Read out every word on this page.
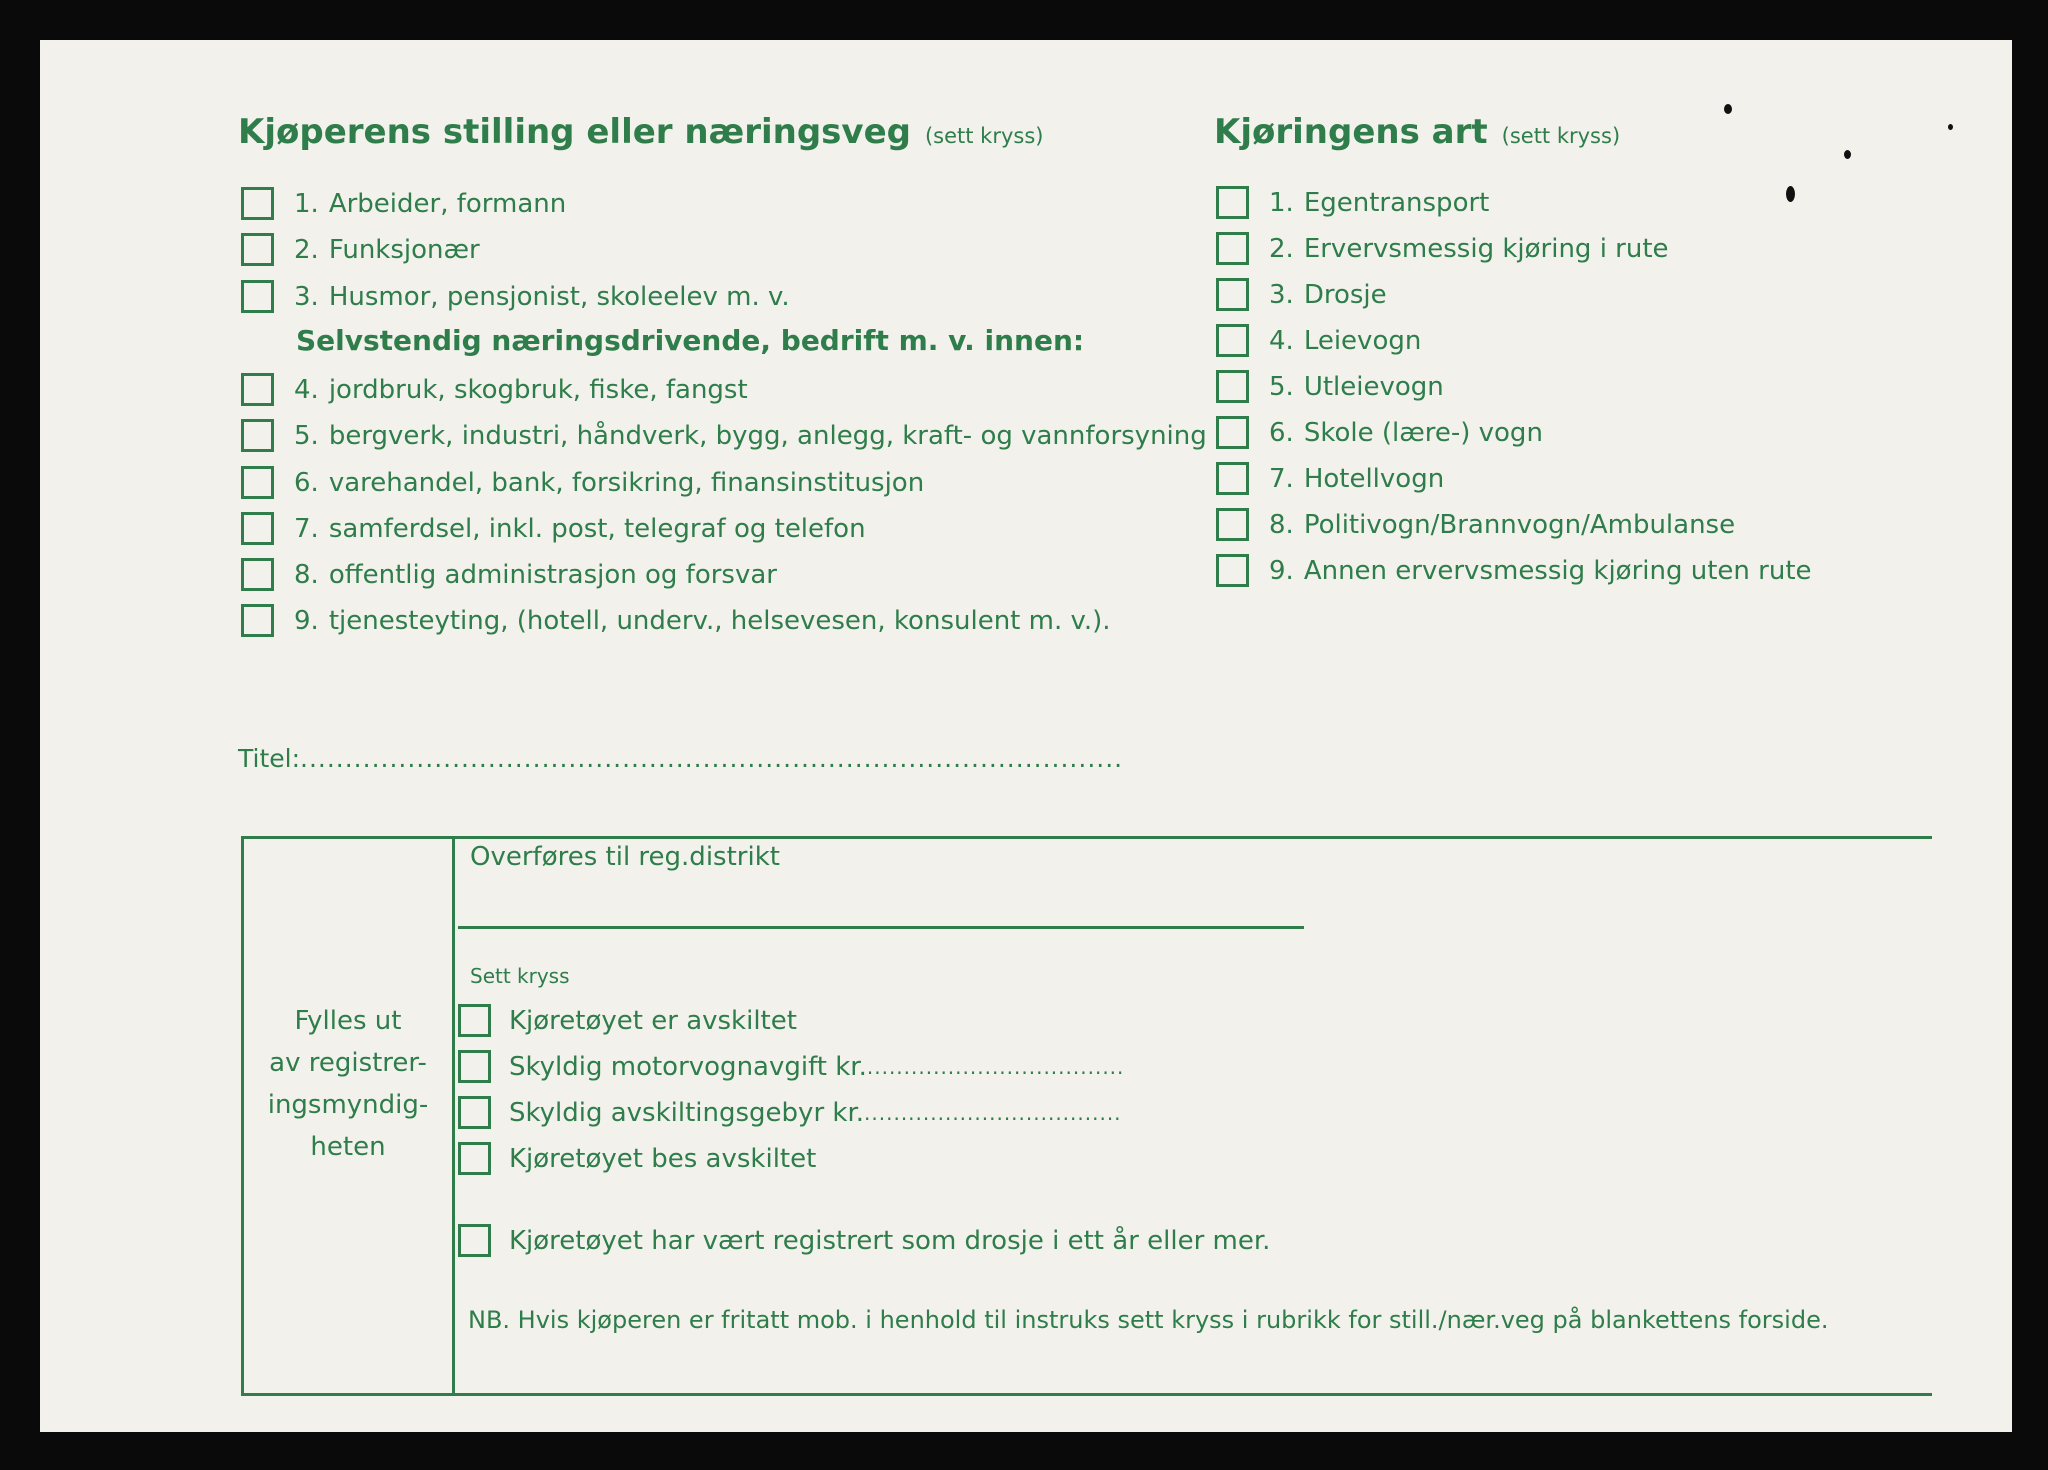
Kjøperens stilling eller næringsveg (sett kryss)
1. Arbeider, formann
2. Funksjonær
3. Husmor, pensjonist, skoleelev m. v.
Selvstendig næringsdrivende, bedrift m. v. innen:
4. jordbruk, skogbruk, fiske, fangst
5. bergverk, industri, håndverk, bygg, anlegg, kraft- og vannforsyning
6. varehandel, bank, forsikring, finansinstitusjon
7. samferdsel, inkl. post, telegraf og telefon
8. offentlig administrasjon og forsvar
9. tjenesteyting, (hotell, underv., helsevesen, konsulent m. v.).
Kjøringens art (sett kryss)
1. Egentransport
2. Ervervsmessig kjøring i rute
3. Drosje
4. Leievogn
5. Utleievogn
6. Skole (lære-) vogn
7. Hotellvogn
8. Politivogn/Brannvogn/Ambulanse
9. Annen ervervsmessig kjøring uten rute
Titel:............................................................................................
Fylles ut
av registrer-
ingsmyndig-
heten
Overføres til reg.distrikt
Sett kryss
Kjøretøyet er avskiltet
Skyldig motorvognavgift kr. ...................................
Skyldig avskiltingsgebyr kr. ...................................
Kjøretøyet bes avskiltet
Kjøretøyet har vært registrert som drosje i ett år eller mer.
NB. Hvis kjøperen er fritatt mob. i henhold til instruks sett kryss i rubrikk for still./nær.veg på blankettens forside.
